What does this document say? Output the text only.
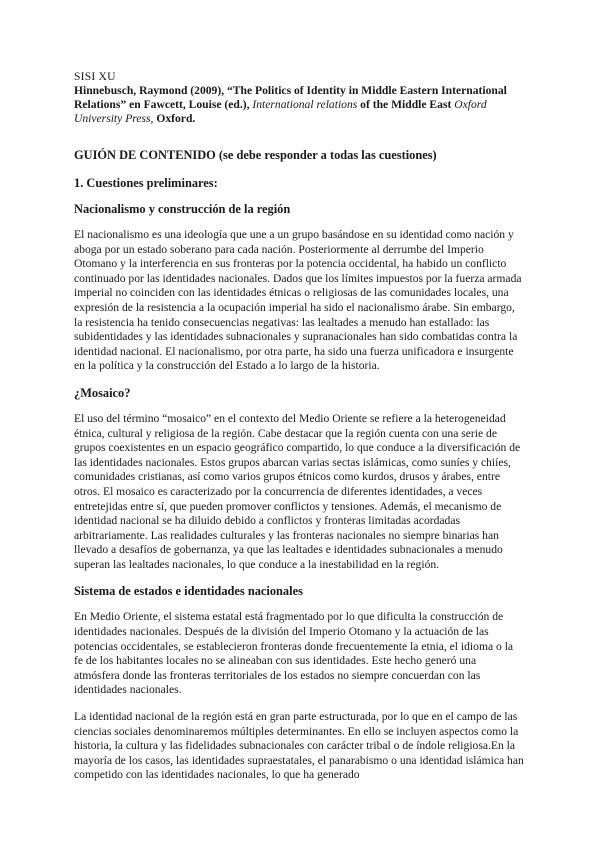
SISI XU
Hinnebusch, Raymond (2009), “The Politics of Identity in Middle Eastern International Relations” en Fawcett, Louise (ed.), International relations of the Middle East Oxford University Press, Oxford.
GUIÓN DE CONTENIDO (se debe responder a todas las cuestiones)
1. Cuestiones preliminares:
Nacionalismo y construcción de la región

El nacionalismo es una ideología que une a un grupo basándose en su identidad como nación y aboga por un estado soberano para cada nación. Posteriormente al derrumbe del Imperio Otomano y la interferencia en sus fronteras por la potencia occidental, ha habido un conflicto continuado por las identidades nacionales. Dados que los límites impuestos por la fuerza armada imperial no coinciden con las identidades étnicas o religiosas de las comunidades locales, una expresión de la resistencia a la ocupación imperial ha sido el nacionalismo árabe. Sin embargo, la resistencia ha tenido consecuencias negativas: las lealtades a menudo han estallado: las subidentidades y las identidades subnacionales y supranacionales han sido combatidas contra la identidad nacional. El nacionalismo, por otra parte, ha sido una fuerza unificadora e insurgente en la política y la construcción del Estado a lo largo de la historia.

¿Mosaico?

El uso del término “mosaico” en el contexto del Medio Oriente se refiere a la heterogeneidad étnica, cultural y religiosa de la región. Cabe destacar que la región cuenta con una serie de grupos coexistentes en un espacio geográfico compartido, lo que conduce a la diversificación de las identidades nacionales. Estos grupos abarcan varias sectas islámicas, como suníes y chiíes, comunidades cristianas, así como varios grupos étnicos como kurdos, drusos y árabes, entre otros. El mosaico es caracterizado por la concurrencia de diferentes identidades, a veces entretejidas entre sí, que pueden promover conflictos y tensiones. Además, el mecanismo de identidad nacional se ha diluido debido a conflictos y fronteras limitadas acordadas arbitrariamente. Las realidades culturales y las fronteras nacionales no siempre binarias han llevado a desafíos de gobernanza, ya que las lealtades e identidades subnacionales a menudo superan las lealtades nacionales, lo que conduce a la inestabilidad en la región.

Sistema de estados e identidades nacionales

En Medio Oriente, el sistema estatal está fragmentado por lo que dificulta la construcción de identidades nacionales. Después de la división del Imperio Otomano y la actuación de las potencias occidentales, se establecieron fronteras donde frecuentemente la etnia, el idioma o la fe de los habitantes locales no se alineaban con sus identidades. Este hecho generó una atmósfera donde las fronteras territoriales de los estados no siempre concuerdan con las identidades nacionales.

La identidad nacional de la región está en gran parte estructurada, por lo que en el campo de las ciencias sociales denominaremos múltiples determinantes. En ello se incluyen aspectos como la historia, la cultura y las fidelidades subnacionales con carácter tribal o de índole religiosa.En la mayoría de los casos, las identidades supraestatales, el panarabismo o una identidad islámica han competido con las identidades nacionales, lo que ha generado
